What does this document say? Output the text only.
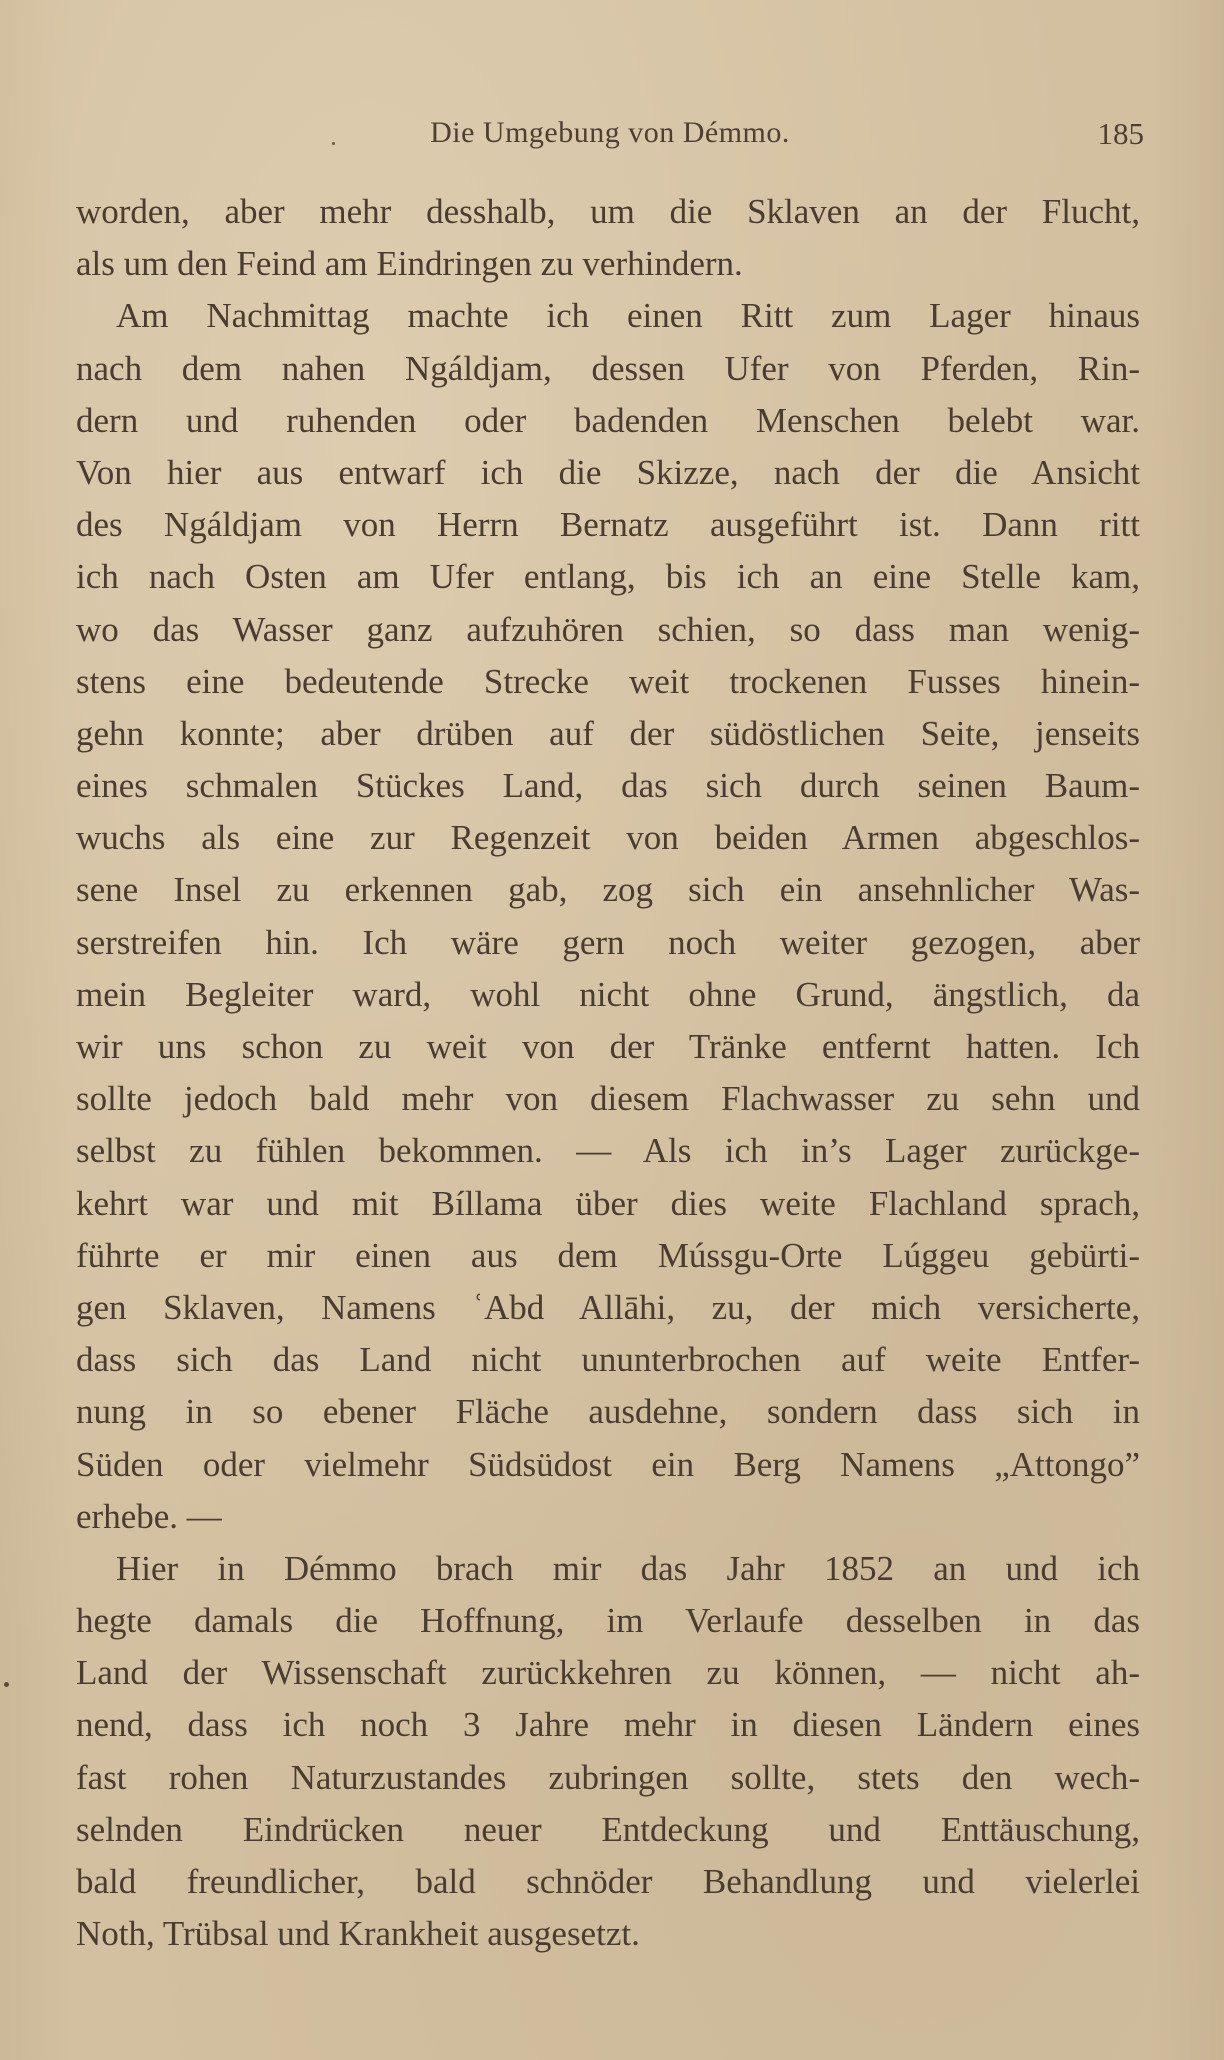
Die Umgebung von Démmo.	185
worden, aber mehr desshalb, um die Sklaven an der Flucht,
als um den Feind am Eindringen zu verhindern.
Am Nachmittag machte ich einen Ritt zum Lager hinaus
nach dem nahen Ngáldjam, dessen Ufer von Pferden, Rin-
dern und ruhenden oder badenden Menschen belebt war.
Von hier aus entwarf ich die Skizze, nach der die Ansicht
des Ngáldjam von Herrn Bernatz ausgeführt ist. Dann ritt
ich nach Osten am Ufer entlang, bis ich an eine Stelle kam,
wo das Wasser ganz aufzuhören schien, so dass man wenig-
stens eine bedeutende Strecke weit trockenen Fusses hinein-
gehn konnte; aber drüben auf der südöstlichen Seite, jenseits
eines schmalen Stückes Land, das sich durch seinen Baum-
wuchs als eine zur Regenzeit von beiden Armen abgeschlos-
sene Insel zu erkennen gab, zog sich ein ansehnlicher Was-
serstreifen hin. Ich wäre gern noch weiter gezogen, aber
mein Begleiter ward, wohl nicht ohne Grund, ängstlich, da
wir uns schon zu weit von der Tränke entfernt hatten. Ich
sollte jedoch bald mehr von diesem Flachwasser zu sehn und
selbst zu fühlen bekommen. — Als ich in’s Lager zurückge-
kehrt war und mit Bíllama über dies weite Flachland sprach,
führte er mir einen aus dem Mússgu-Orte Lúggeu gebürti-
gen Sklaven, Namens ʿAbd Allāhi, zu, der mich versicherte,
dass sich das Land nicht ununterbrochen auf weite Entfer-
nung in so ebener Fläche ausdehne, sondern dass sich in
Süden oder vielmehr Südsüdost ein Berg Namens „Attongo”
erhebe. —
Hier in Démmo brach mir das Jahr 1852 an und ich
hegte damals die Hoffnung, im Verlaufe desselben in das
Land der Wissenschaft zurückkehren zu können, — nicht ah-
nend, dass ich noch 3 Jahre mehr in diesen Ländern eines
fast rohen Naturzustandes zubringen sollte, stets den wech-
selnden Eindrücken neuer Entdeckung und Enttäuschung,
bald freundlicher, bald schnöder Behandlung und vielerlei
Noth, Trübsal und Krankheit ausgesetzt.
